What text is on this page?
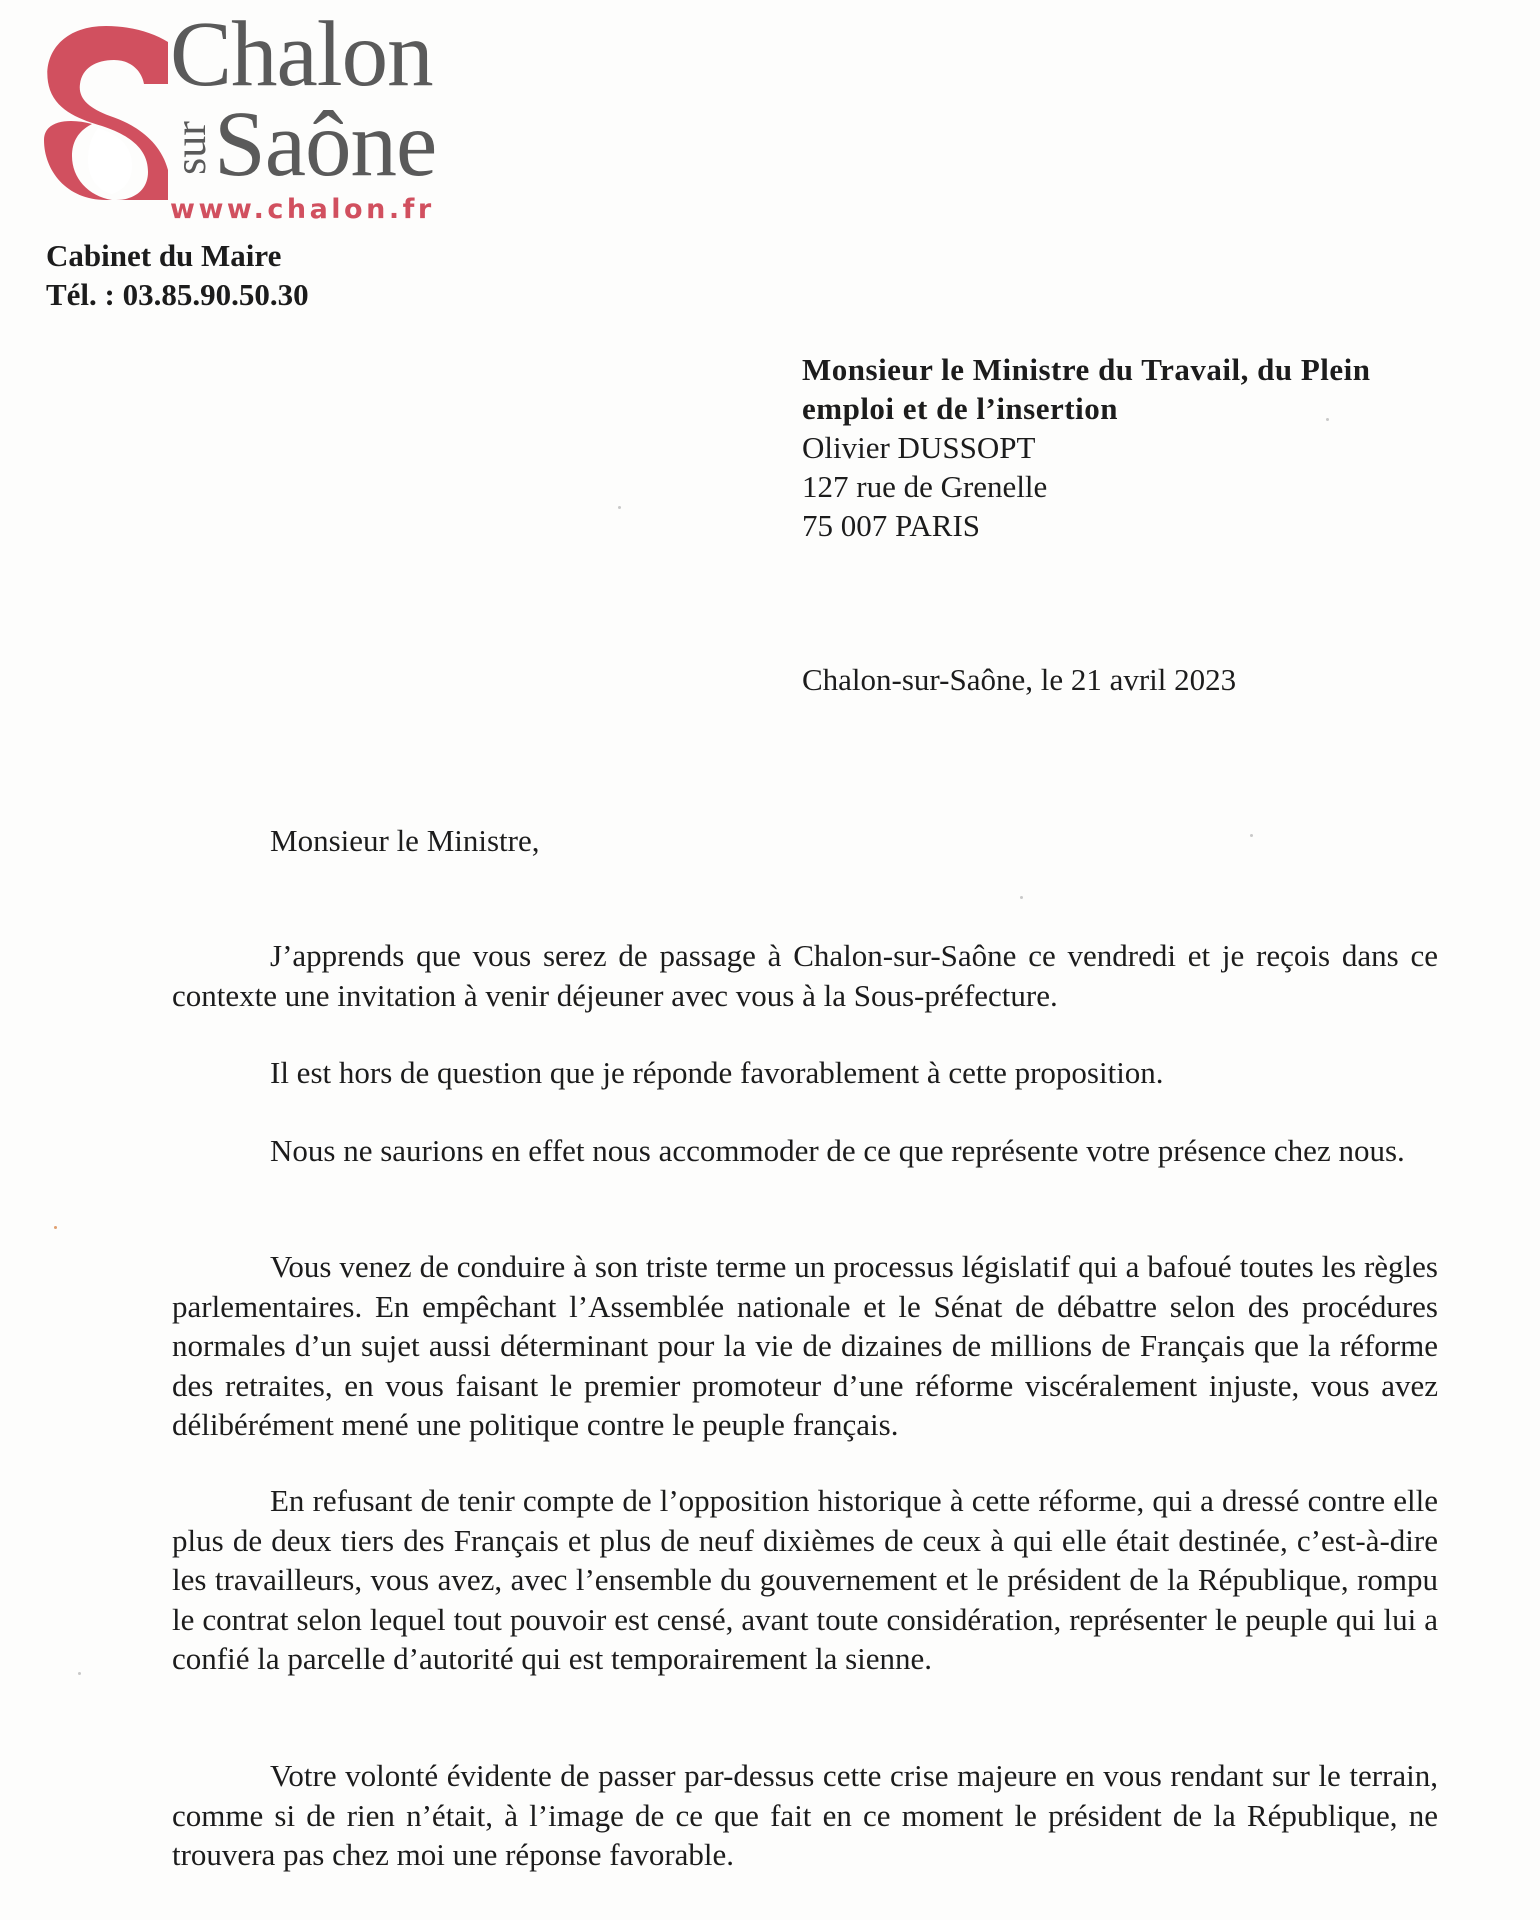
Chalon
sur Saône
www.chalon.fr
Cabinet du Maire
Tél. : 03.85.90.50.30
Monsieur le Ministre du Travail, du Plein
emploi et de l’insertion
Olivier DUSSOPT
127 rue de Grenelle
75 007 PARIS
Chalon-sur-Saône, le 21 avril 2023
Monsieur le Ministre,

J’apprends que vous serez de passage à Chalon-sur-Saône ce vendredi et je reçois dans ce contexte une invitation à venir déjeuner avec vous à la Sous-préfecture.

Il est hors de question que je réponde favorablement à cette proposition.

Nous ne saurions en effet nous accommoder de ce que représente votre présence chez nous.

Vous venez de conduire à son triste terme un processus législatif qui a bafoué toutes les règles parlementaires. En empêchant l’Assemblée nationale et le Sénat de débattre selon des procédures normales d’un sujet aussi déterminant pour la vie de dizaines de millions de Français que la réforme des retraites, en vous faisant le premier promoteur d’une réforme viscéralement injuste, vous avez délibérément mené une politique contre le peuple français.

En refusant de tenir compte de l’opposition historique à cette réforme, qui a dressé contre elle plus de deux tiers des Français et plus de neuf dixièmes de ceux à qui elle était destinée, c’est-à-dire les travailleurs, vous avez, avec l’ensemble du gouvernement et le président de la République, rompu le contrat selon lequel tout pouvoir est censé, avant toute considération, représenter le peuple qui lui a confié la parcelle d’autorité qui est temporairement la sienne.

Votre volonté évidente de passer par-dessus cette crise majeure en vous rendant sur le terrain, comme si de rien n’était, à l’image de ce que fait en ce moment le président de la République, ne trouvera pas chez moi une réponse favorable.
